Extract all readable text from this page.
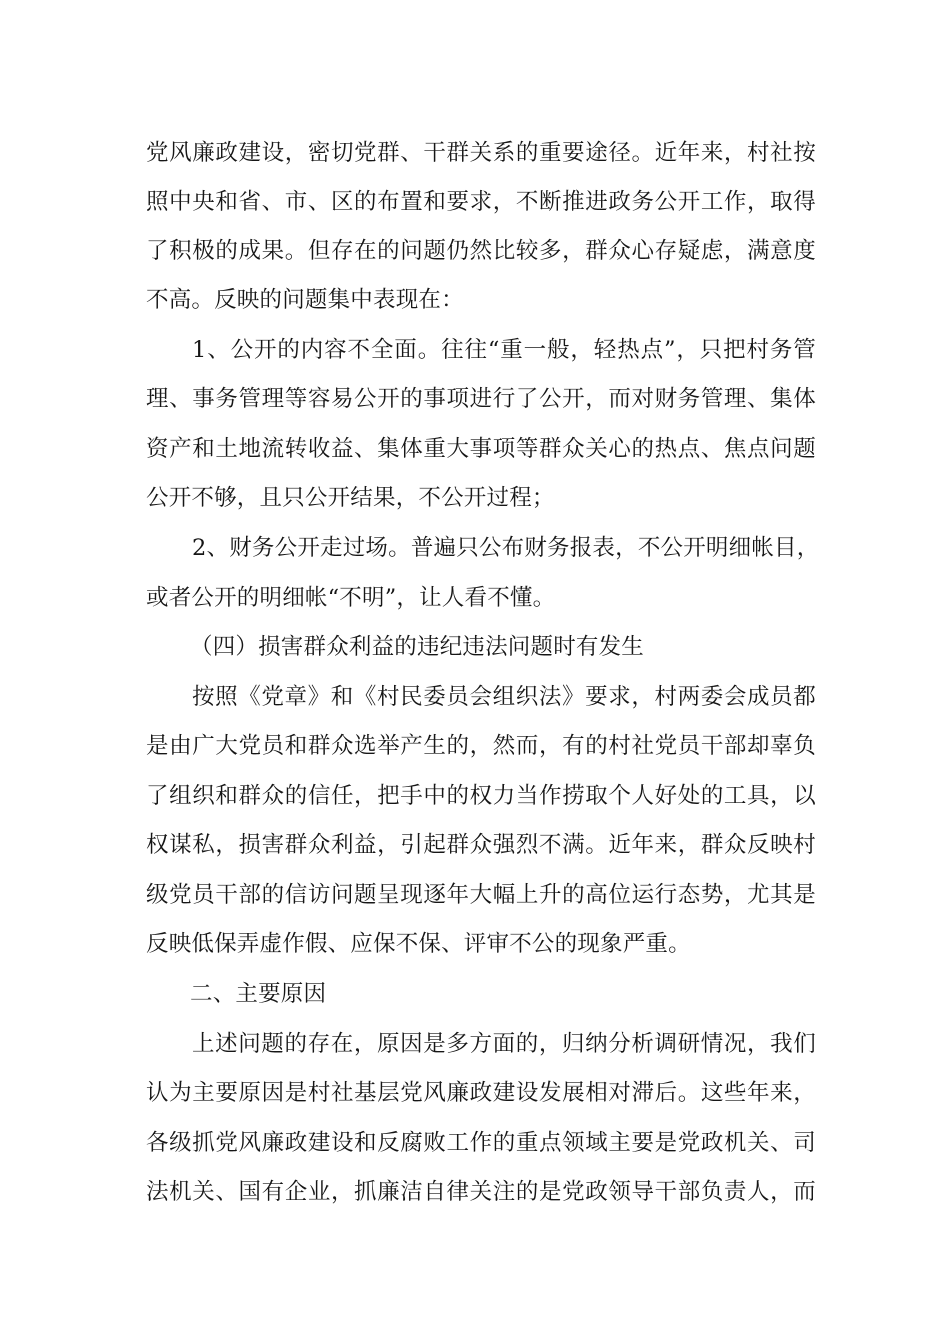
党风廉政建设，密切党群、干群关系的重要途径。近年来，村社按
照中央和省、市、区的布置和要求，不断推进政务公开工作，取得
了积极的成果。但存在的问题仍然比较多，群众心存疑虑，满意度
不高。反映的问题集中表现在：
1、公开的内容不全面。往往“重一般，轻热点”，只把村务管
理、事务管理等容易公开的事项进行了公开，而对财务管理、集体
资产和土地流转收益、集体重大事项等群众关心的热点、焦点问题
公开不够，且只公开结果，不公开过程；
2、财务公开走过场。普遍只公布财务报表，不公开明细帐目，
或者公开的明细帐“不明”，让人看不懂。
（四）损害群众利益的违纪违法问题时有发生
按照《党章》和《村民委员会组织法》要求，村两委会成员都
是由广大党员和群众选举产生的，然而，有的村社党员干部却辜负
了组织和群众的信任，把手中的权力当作捞取个人好处的工具，以
权谋私，损害群众利益，引起群众强烈不满。近年来，群众反映村
级党员干部的信访问题呈现逐年大幅上升的高位运行态势，尤其是
反映低保弄虚作假、应保不保、评审不公的现象严重。
二、主要原因
上述问题的存在，原因是多方面的，归纳分析调研情况，我们
认为主要原因是村社基层党风廉政建设发展相对滞后。这些年来，
各级抓党风廉政建设和反腐败工作的重点领域主要是党政机关、司
法机关、国有企业，抓廉洁自律关注的是党政领导干部负责人，而
